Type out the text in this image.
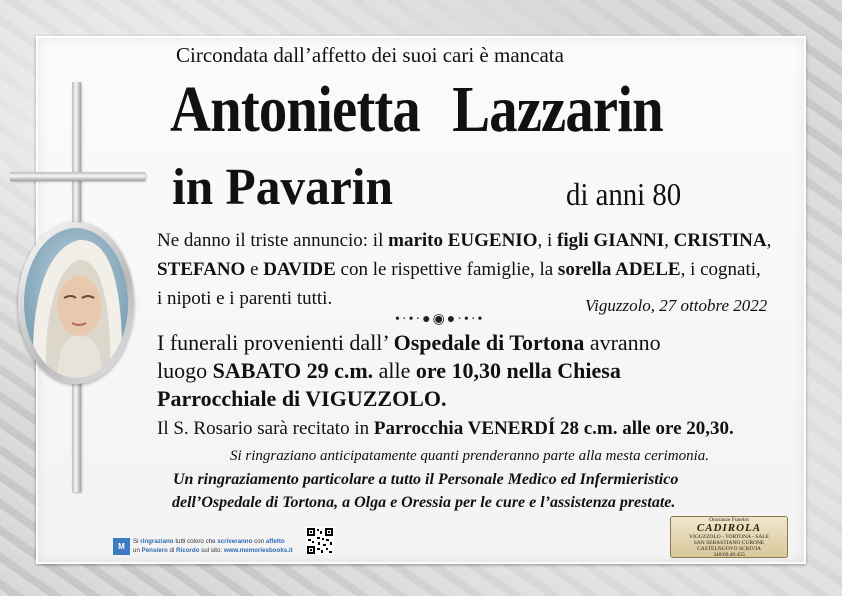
Circondata dall’affetto dei suoi cari è mancata
Antonietta Lazzarin
in Pavarin	di anni 80
Ne danno il triste annuncio: il marito EUGENIO, i figli GIANNI, CRISTINA,
STEFANO e DAVIDE con le rispettive famiglie, la sorella ADELE, i cognati,
i nipoti e i parenti tutti.	Viguzzolo, 27 ottobre 2022
•·•·●◉●·•·•
I funerali provenienti dall’ Ospedale di Tortona avranno
luogo SABATO 29 c.m. alle ore 10,30 nella Chiesa
Parrocchiale di VIGUZZOLO.
Il S. Rosario sarà recitato in Parrocchia VENERDÍ 28 c.m. alle ore 20,30.
Si ringraziano anticipatamente quanti prenderanno parte alla mesta cerimonia.
Un ringraziamento particolare a tutto il Personale Medico ed Infermieristico
dell’Ospedale di Tortona, a Olga e Oressia per le cure e l’assistenza prestate.
M
Si ringraziano tutti coloro che scriveranno con affetto
un Pensiero di Ricordo sul sito: www.memoriesbooks.it
Onoranze Funebri
CADIROLA
VIGUZZOLO - TORTONA - SALE
SAN SEBASTIANO CURONE
CASTELNUOVO SCRIVIA
340/69.49.455
